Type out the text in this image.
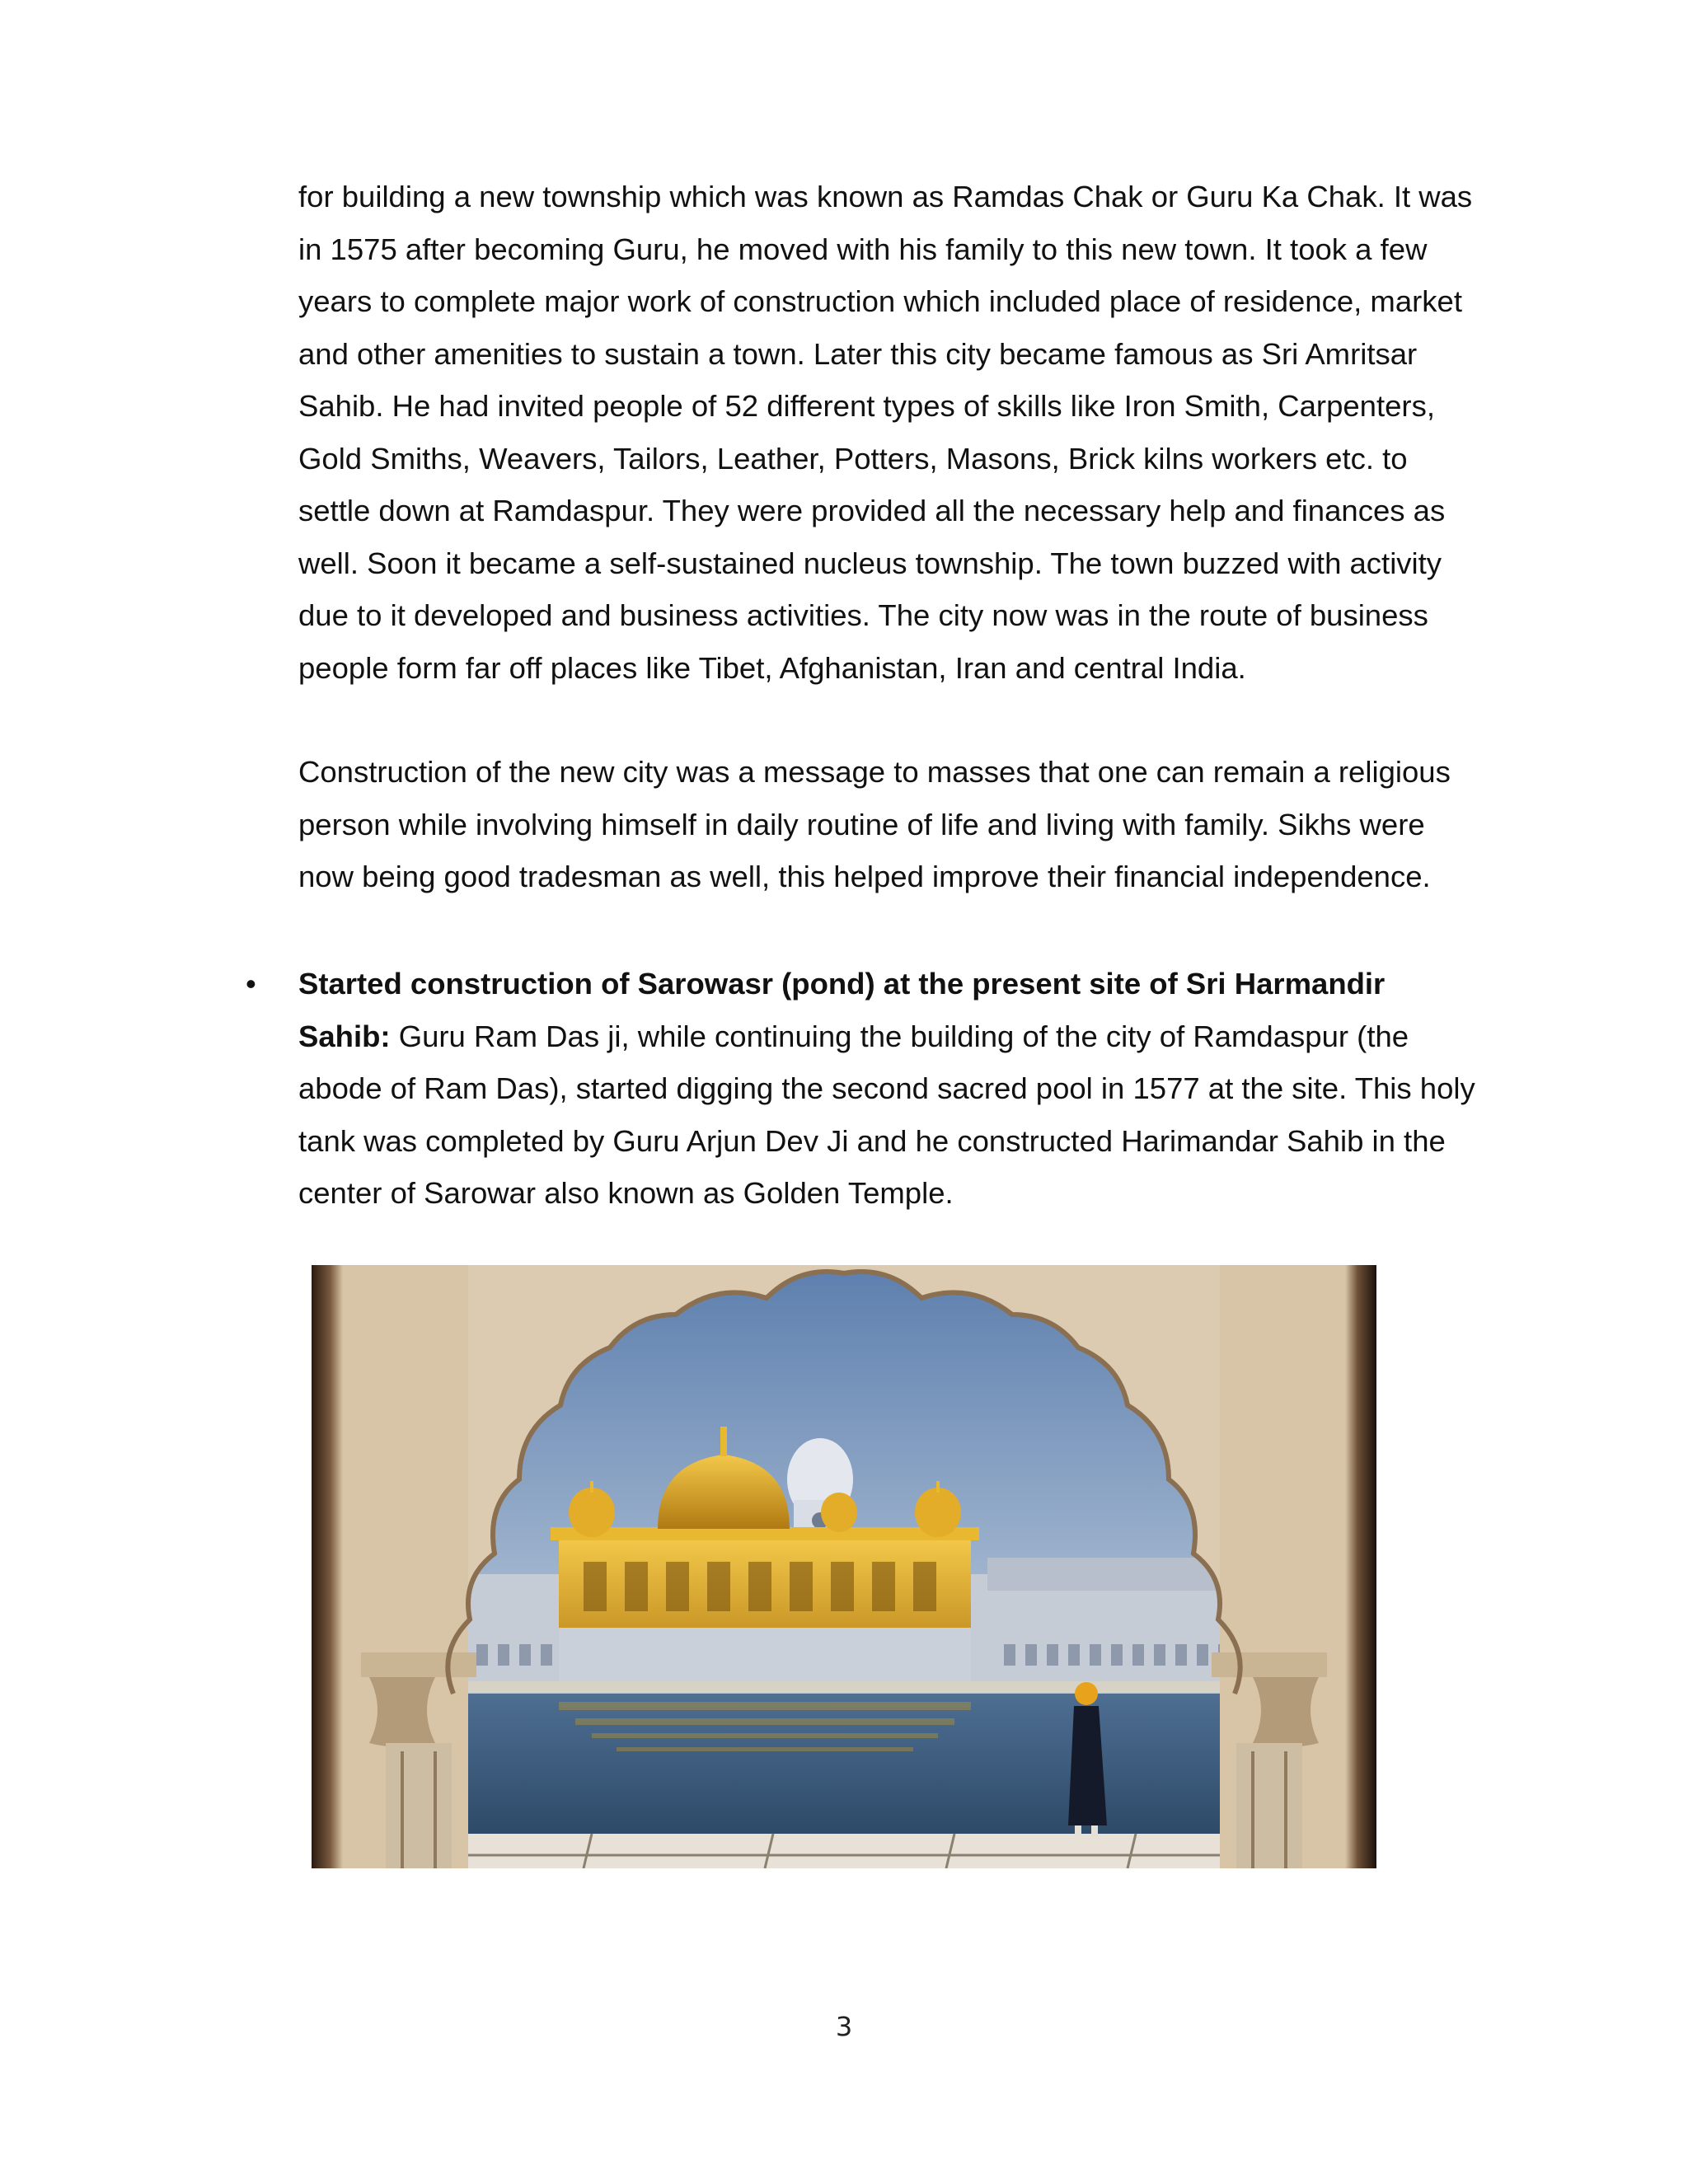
for building a new township which was known as Ramdas Chak or Guru Ka Chak. It was
in 1575 after becoming Guru, he moved with his family to this new town. It took a few
years to complete major work of construction which included place of residence, market
and other amenities to sustain a town. Later this city became famous as Sri Amritsar
Sahib. He had invited people of 52 different types of skills like Iron Smith, Carpenters,
Gold Smiths, Weavers, Tailors, Leather, Potters, Masons, Brick kilns workers etc. to
settle down at Ramdaspur. They were provided all the necessary help and finances as
well. Soon it became a self-sustained nucleus township. The town buzzed with activity
due to it developed and business activities. The city now was in the route of business
people form far off places like Tibet, Afghanistan, Iran and central India.
Construction of the new city was a message to masses that one can remain a religious
person while involving himself in daily routine of life and living with family. Sikhs were
now being good tradesman as well, this helped improve their financial independence.
• Started construction of Sarowasr (pond) at the present site of Sri Harmandir
Sahib: Guru Ram Das ji, while continuing the building of the city of Ramdaspur (the
abode of Ram Das), started digging the second sacred pool in 1577 at the site. This holy
tank was completed by Guru Arjun Dev Ji and he constructed Harimandar Sahib in the
center of Sarowar also known as Golden Temple.
3
